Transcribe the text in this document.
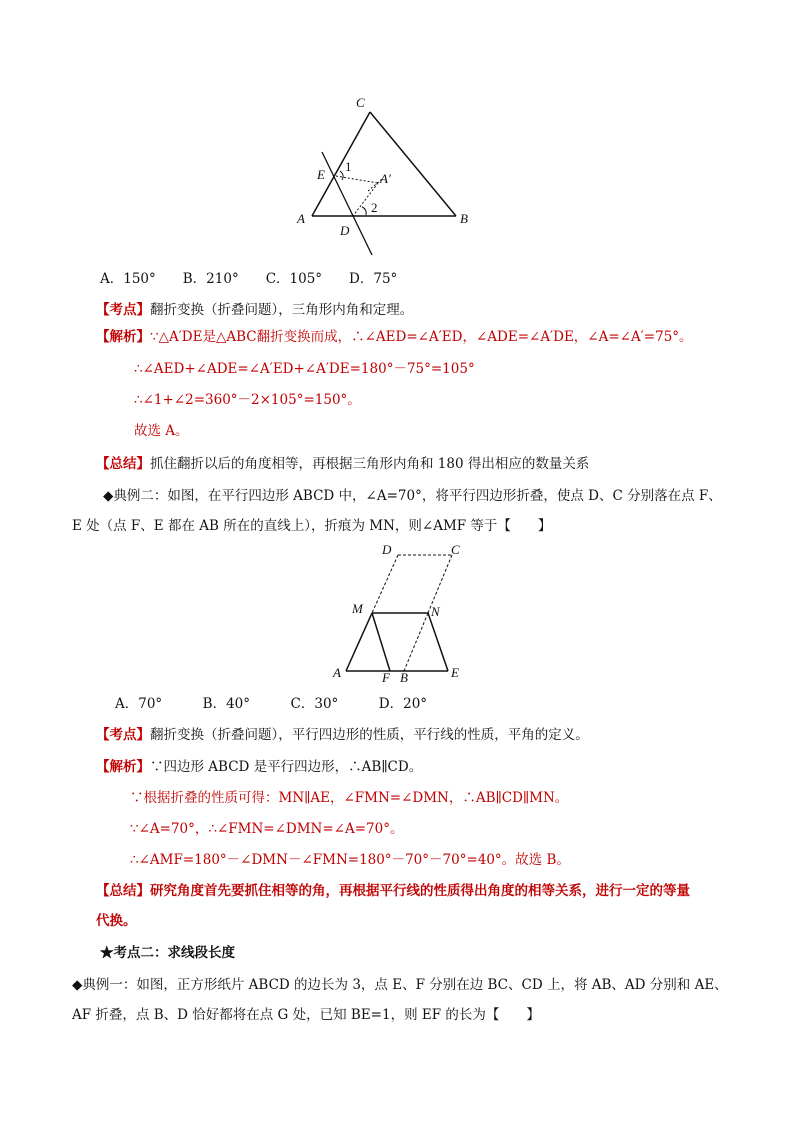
C
E
1
A′
2
A
D
B
A．150°　　B．210°　　C．105°　　D．75°
【考点】翻折变换（折叠问题），三角形内角和定理。
【解析】∵△A′DE是△ABC翻折变换而成，∴∠AED=∠A′ED，∠ADE=∠A′DE，∠A=∠A′=75°。
∴∠AED+∠ADE=∠A′ED+∠A′DE=180°－75°=105°
∴∠1+∠2=360°－2×105°=150°。
故选 A。
【总结】抓住翻折以后的角度相等，再根据三角形内角和 180 得出相应的数量关系
◆典例二：如图，在平行四边形 ABCD 中，∠A=70°，将平行四边形折叠，使点 D、C 分别落在点 F、
E 处（点 F、E 都在 AB 所在的直线上），折痕为 MN，则∠AMF 等于【　　】
D	C
M	N
A	F B	E
A．70°　　　B．40°　　　C．30°　　　D．20°
【考点】翻折变换（折叠问题），平行四边形的性质，平行线的性质，平角的定义。
【解析】∵四边形 ABCD 是平行四边形，∴AB∥CD。
∵根据折叠的性质可得：MN∥AE，∠FMN=∠DMN，∴AB∥CD∥MN。
∵∠A=70°，∴∠FMN=∠DMN=∠A=70°。
∴∠AMF=180°－∠DMN－∠FMN=180°－70°－70°=40°。故选 B。
【总结】研究角度首先要抓住相等的角，再根据平行线的性质得出角度的相等关系，进行一定的等量
代换。
★考点二：求线段长度
◆典例一：如图，正方形纸片 ABCD 的边长为 3，点 E、F 分别在边 BC、CD 上，将 AB、AD 分别和 AE、
AF 折叠，点 B、D 恰好都将在点 G 处，已知 BE=1，则 EF 的长为【　　】
